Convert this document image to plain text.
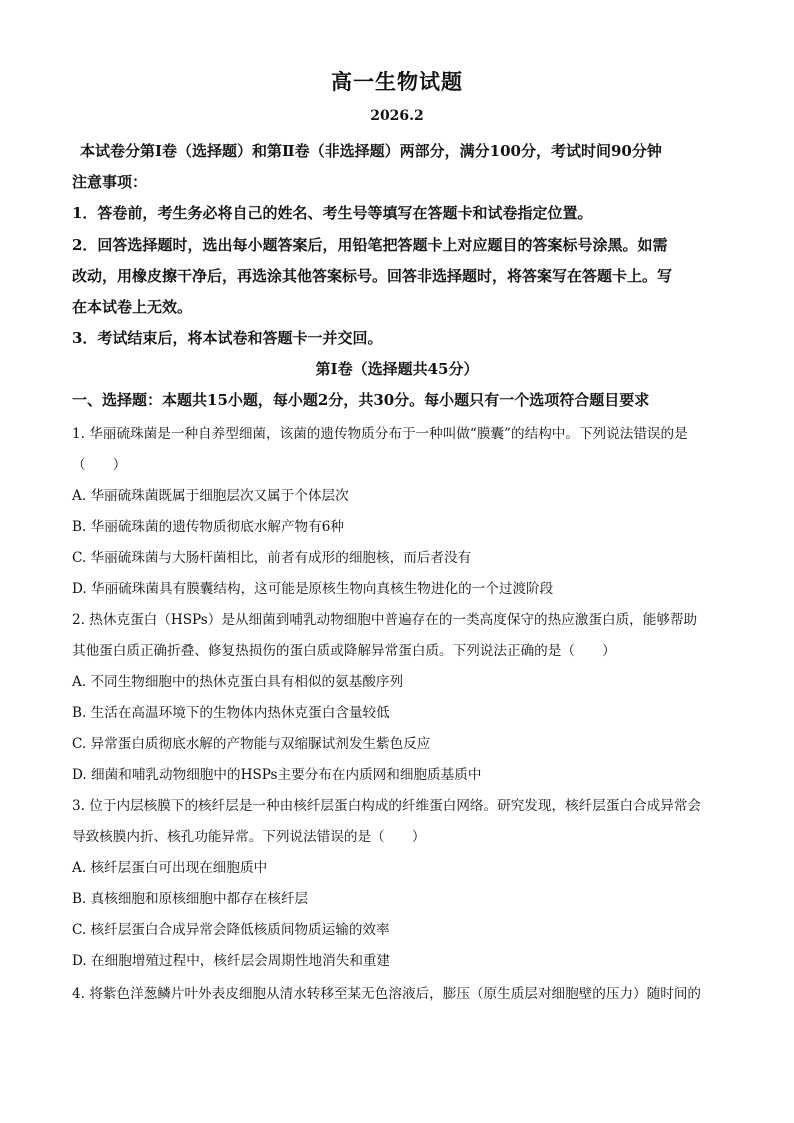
高一生物试题
2026.2
本试卷分第Ⅰ卷（选择题）和第Ⅱ卷（非选择题）两部分，满分100分，考试时间90分钟
注意事项：
1．答卷前，考生务必将自己的姓名、考生号等填写在答题卡和试卷指定位置。
2．回答选择题时，选出每小题答案后，用铅笔把答题卡上对应题目的答案标号涂黑。如需
改动，用橡皮擦干净后，再选涂其他答案标号。回答非选择题时，将答案写在答题卡上。写
在本试卷上无效。
3．考试结束后，将本试卷和答题卡一并交回。
第Ⅰ卷（选择题共45分）
一、选择题：本题共15小题，每小题2分，共30分。每小题只有一个选项符合题目要求
1. 华丽硫珠菌是一种自养型细菌，该菌的遗传物质分布于一种叫做“膜囊”的结构中。下列说法错误的是
（　　）
A. 华丽硫珠菌既属于细胞层次又属于个体层次
B. 华丽硫珠菌的遗传物质彻底水解产物有6种
C. 华丽硫珠菌与大肠杆菌相比，前者有成形的细胞核，而后者没有
D. 华丽硫珠菌具有膜囊结构，这可能是原核生物向真核生物进化的一个过渡阶段
2. 热休克蛋白（HSPs）是从细菌到哺乳动物细胞中普遍存在的一类高度保守的热应激蛋白质，能够帮助
其他蛋白质正确折叠、修复热损伤的蛋白质或降解异常蛋白质。下列说法正确的是（　　）
A. 不同生物细胞中的热休克蛋白具有相似的氨基酸序列
B. 生活在高温环境下的生物体内热休克蛋白含量较低
C. 异常蛋白质彻底水解的产物能与双缩脲试剂发生紫色反应
D. 细菌和哺乳动物细胞中的HSPs主要分布在内质网和细胞质基质中
3. 位于内层核膜下的核纤层是一种由核纤层蛋白构成的纤维蛋白网络。研究发现，核纤层蛋白合成异常会
导致核膜内折、核孔功能异常。下列说法错误的是（　　）
A. 核纤层蛋白可出现在细胞质中
B. 真核细胞和原核细胞中都存在核纤层
C. 核纤层蛋白合成异常会降低核质间物质运输的效率
D. 在细胞增殖过程中，核纤层会周期性地消失和重建
4. 将紫色洋葱鳞片叶外表皮细胞从清水转移至某无色溶液后，膨压（原生质层对细胞壁的压力）随时间的
